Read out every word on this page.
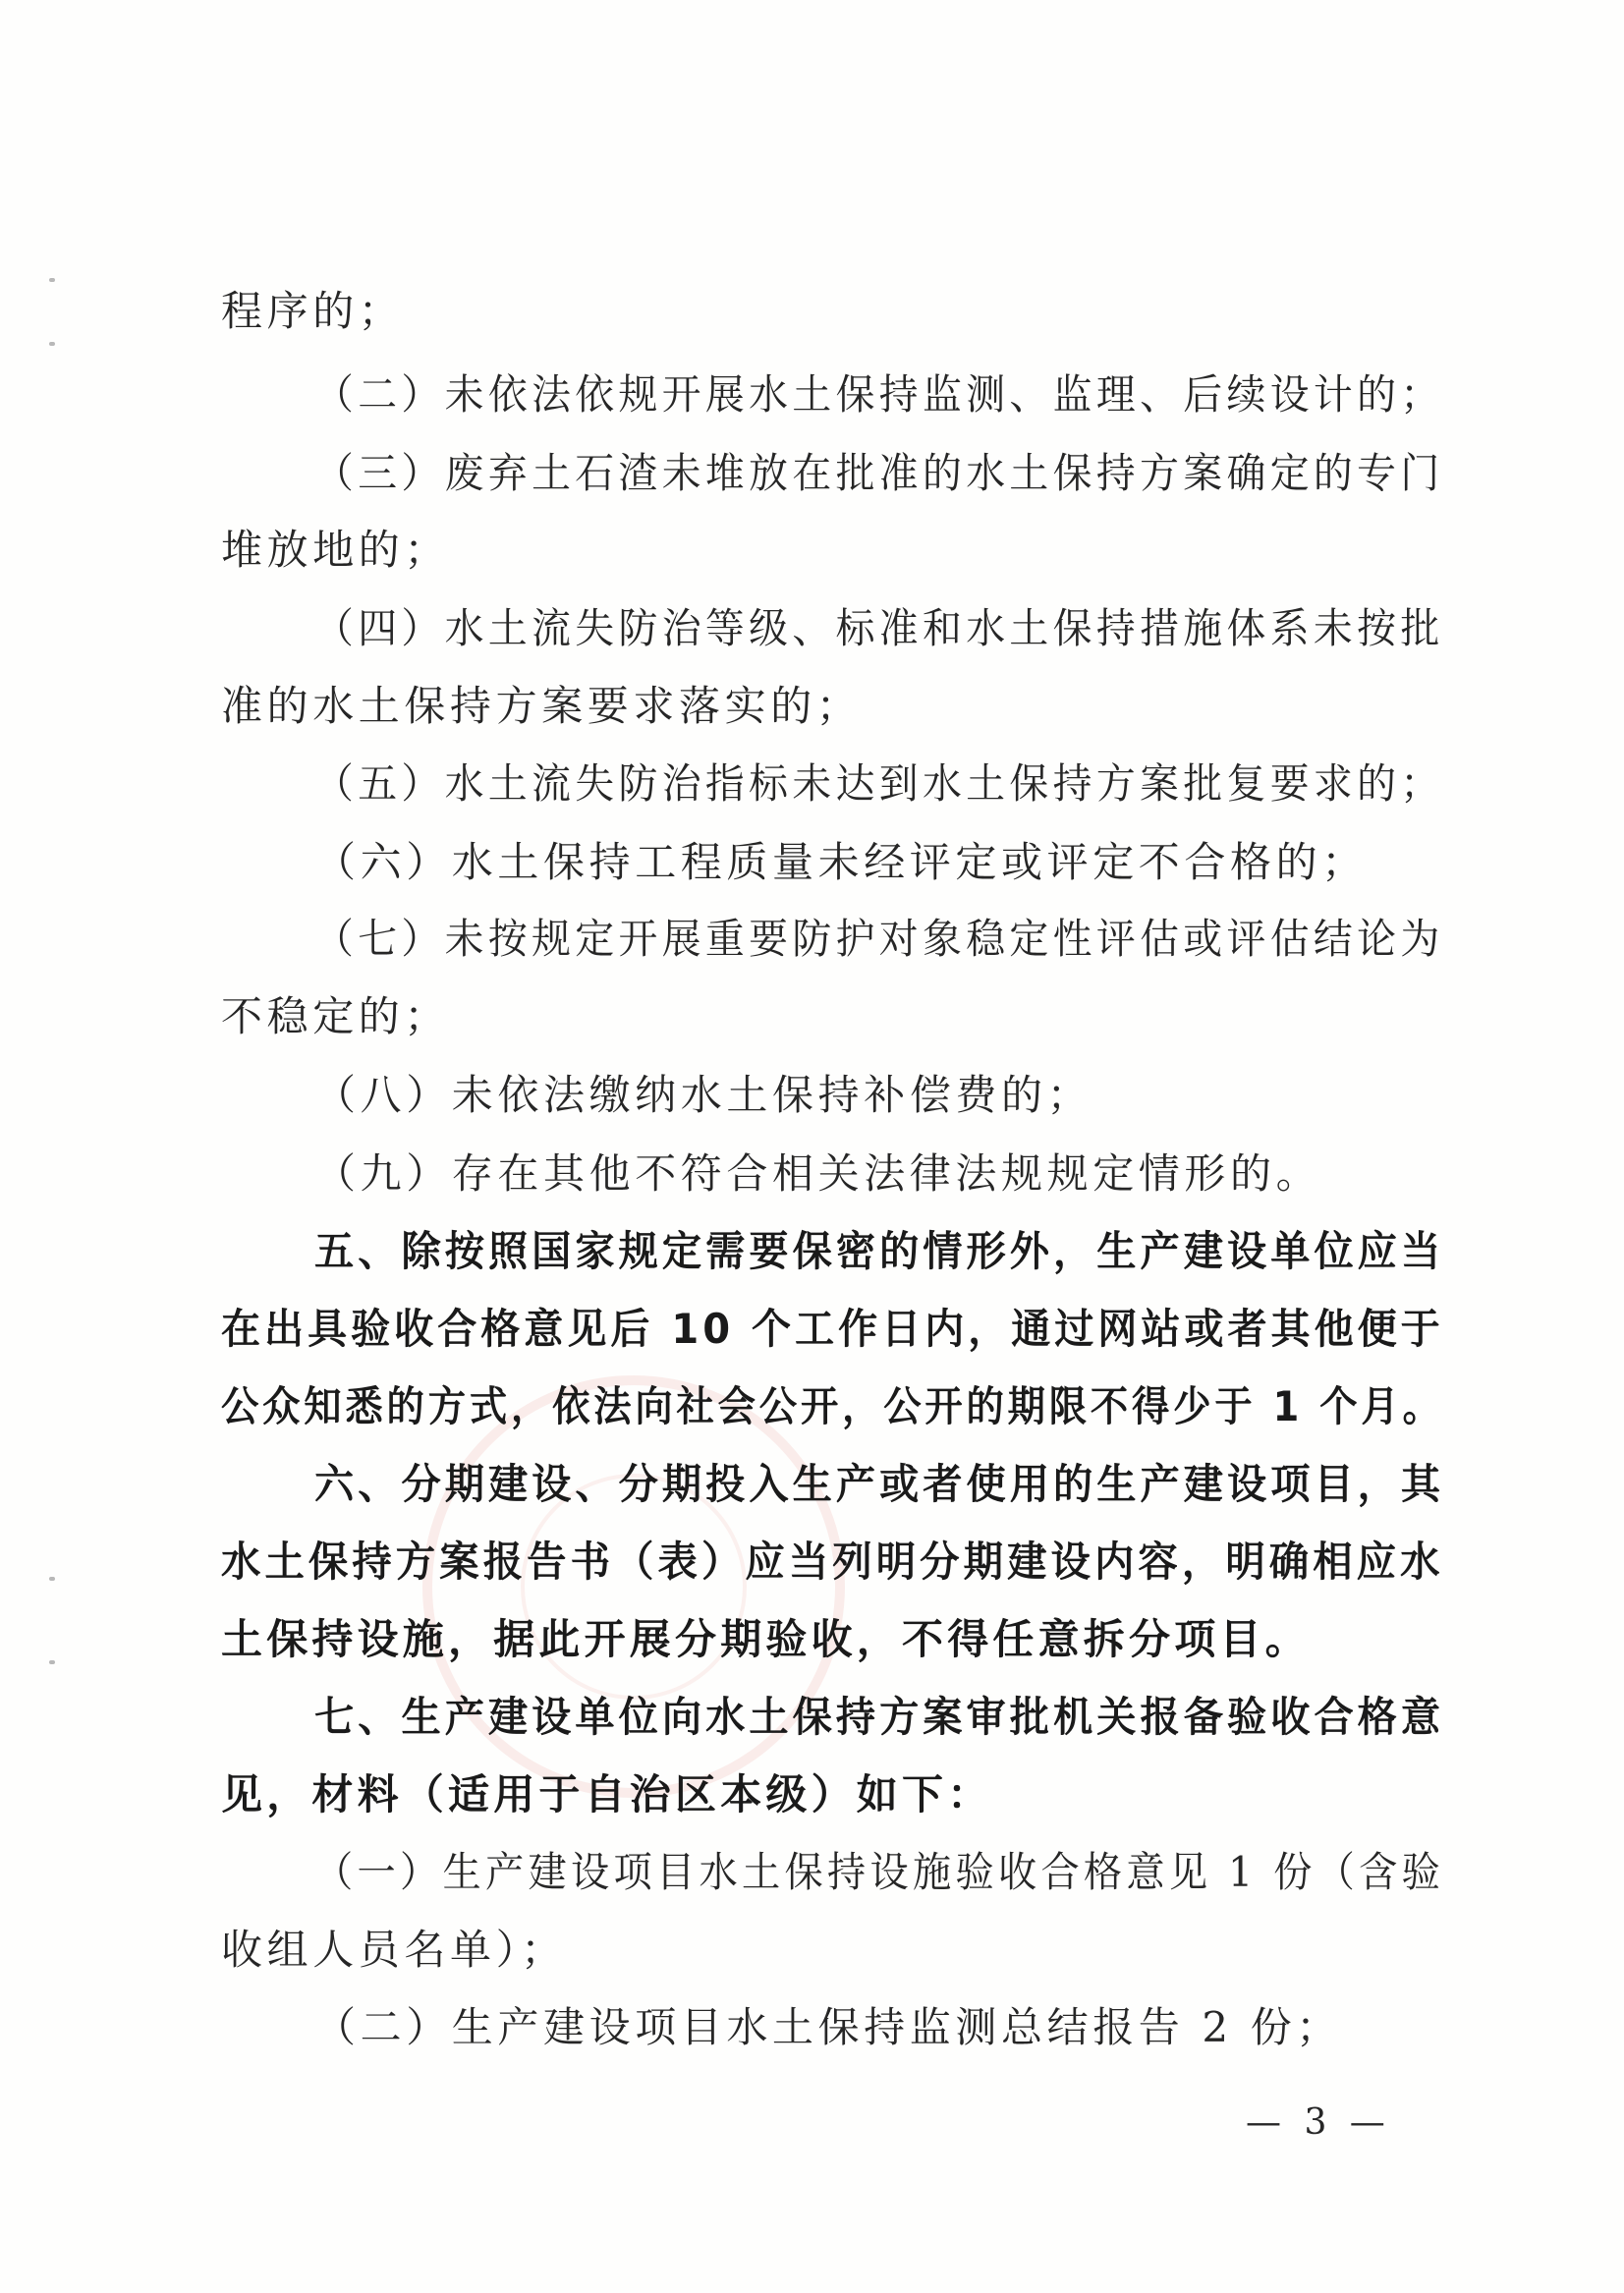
程序的；
（二）未依法依规开展水土保持监测、监理、后续设计的；
（三）废弃土石渣未堆放在批准的水土保持方案确定的专门
堆放地的；
（四）水土流失防治等级、标准和水土保持措施体系未按批
准的水土保持方案要求落实的；
（五）水土流失防治指标未达到水土保持方案批复要求的；
（六）水土保持工程质量未经评定或评定不合格的；
（七）未按规定开展重要防护对象稳定性评估或评估结论为
不稳定的；
（八）未依法缴纳水土保持补偿费的；
（九）存在其他不符合相关法律法规规定情形的。
五、除按照国家规定需要保密的情形外，生产建设单位应当
在出具验收合格意见后 10 个工作日内，通过网站或者其他便于
公众知悉的方式，依法向社会公开，公开的期限不得少于 1 个月。
六、分期建设、分期投入生产或者使用的生产建设项目，其
水土保持方案报告书（表）应当列明分期建设内容，明确相应水
土保持设施，据此开展分期验收，不得任意拆分项目。
七、生产建设单位向水土保持方案审批机关报备验收合格意
见，材料（适用于自治区本级）如下：
（一）生产建设项目水土保持设施验收合格意见 1 份（含验
收组人员名单）；
（二）生产建设项目水土保持监测总结报告 2 份；
— 3 —
